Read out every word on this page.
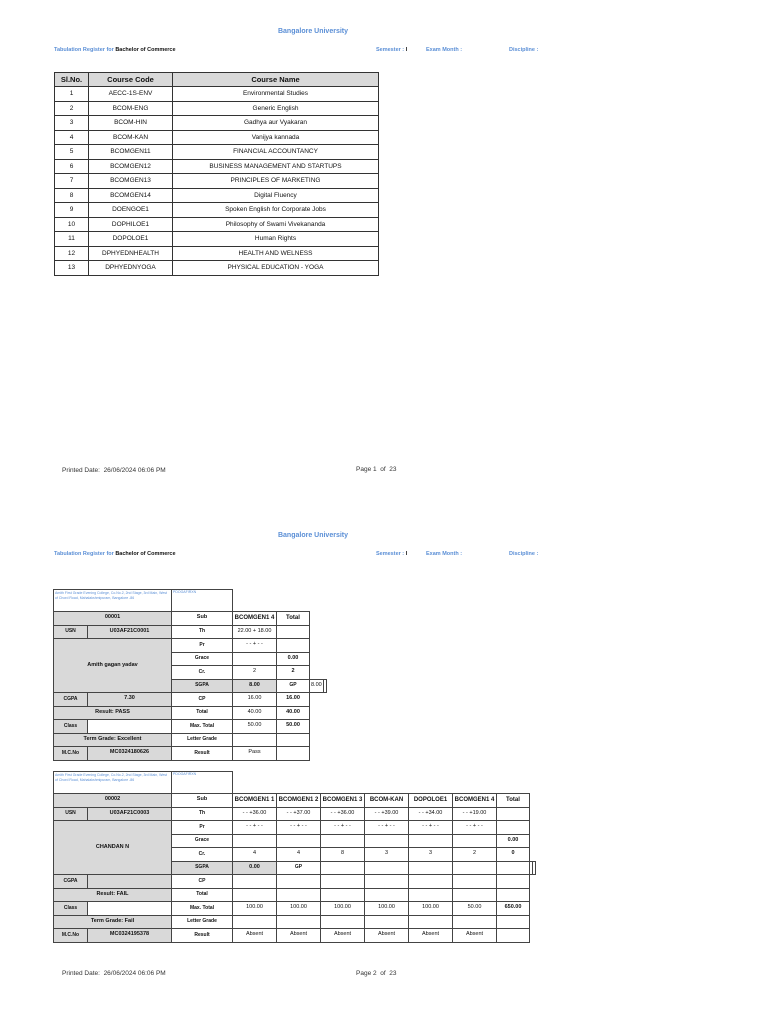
Bangalore University
Tabulation Register for Bachelor of Commerce	Semester : I	Exam Month :	Discipline :
Sl.No.	Course Code	Course Name
1	AECC-1S-ENV	Environmental Studies
2	BCOM-ENG	Generic English
3	BCOM-HIN	Gadhya aur Vyakaran
4	BCOM-KAN	Vanijya kannada
5	BCOMGEN11	FINANCIAL ACCOUNTANCY
6	BCOMGEN12	BUSINESS MANAGEMENT AND STARTUPS
7	BCOMGEN13	PRINCIPLES OF MARKETING
8	BCOMGEN14	Digital Fluency
9	DOENGOE1	Spoken English for Corporate Jobs
10	DOPHILOE1	Philosophy of Swami Vivekananda
11	DOPOLOE1	Human Rights
12	DPHYEDNHEALTH	HEALTH AND WELNESS
13	DPHYEDNYOGA	PHYSICAL EDUCATION - YOGA
Printed Date: 26/06/2024 06:06 PM	Page 1 of 23
Bangalore University
Tabulation Register for Bachelor of Commerce	Semester : I	Exam Month :	Discipline :
Amith First Grade Evening College, Co.No.2, 2nd Stage, 3rd Main, West of Chord Road, Mahalakshmipuram, Bangalore -86		PDOGAFIRXN				
00001		Sub	BCOMGEN1 4	Total		
USN	U03AF21C0001	Th	22.00 + 18.00			
Amith gagan yadav		Pr	- - + - -			
		Grace		0.00		
		Cr.	2	2		
		SGPA	8.00	GP	8.00	
CGPA	7.30	CP	16.00	16.00		
Result: PASS		Total	40.00	40.00		
Class		Max. Total	50.00	50.00		
Term Grade: Excellent		Letter Grade				
M.C.No	MC0324180626	Result	Pass			
Amith First Grade Evening College, Co.No.2, 2nd Stage, 3rd Main, West of Chord Road, Mahalakshmipuram, Bangalore -86		PDOGAFIRXN									
00002		Sub	BCOMGEN1 1	BCOMGEN1 2	BCOMGEN1 3	BCOM-KAN	DOPOLOE1	BCOMGEN1 4	Total		
USN	U03AF21C0003	Th	- - +36.00	- - +37.00	- - +36.00	- - +39.00	- - +34.00	- - +19.00			
CHANDAN N		Pr	- - + - -	- - + - -	- - + - -	- - + - -	- - + - -	- - + - -			
		Grace							0.00		
		Cr.	4	4	8	3	3	2	0		
		SGPA	0.00	GP							
CGPA		CP									
Result: FAIL		Total									
Class		Max. Total	100.00	100.00	100.00	100.00	100.00	50.00	650.00		
Term Grade: Fail		Letter Grade									
M.C.No	MC0324195378	Result	Absent	Absent	Absent	Absent	Absent	Absent			
Printed Date: 26/06/2024 06:06 PM	Page 2 of 23
